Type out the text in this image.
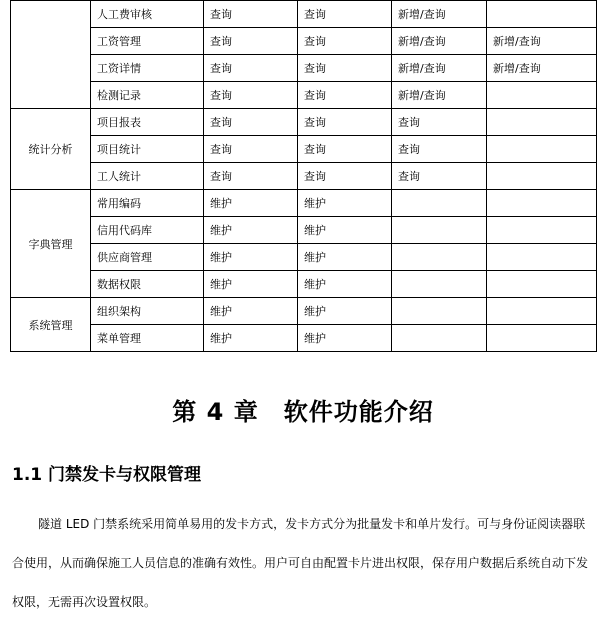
	人工费审核	查询	查询	新增/查询	
	工资管理	查询	查询	新增/查询	新增/查询
	工资详情	查询	查询	新增/查询	新增/查询
	检测记录	查询	查询	新增/查询	
统计分析	项目报表	查询	查询	查询	
	项目统计	查询	查询	查询	
	工人统计	查询	查询	查询	
字典管理	常用编码	维护	维护		
	信用代码库	维护	维护		
	供应商管理	维护	维护		
	数据权限	维护	维护		
系统管理	组织架构	维护	维护		
	菜单管理	维护	维护		
第 4 章　软件功能介绍
1.1 门禁发卡与权限管理

隧道 LED 门禁系统采用简单易用的发卡方式，发卡方式分为批量发卡和单片发行。可与身份证阅读器联合使用，从而确保施工人员信息的准确有效性。用户可自由配置卡片进出权限，保存用户数据后系统自动下发权限，无需再次设置权限。
